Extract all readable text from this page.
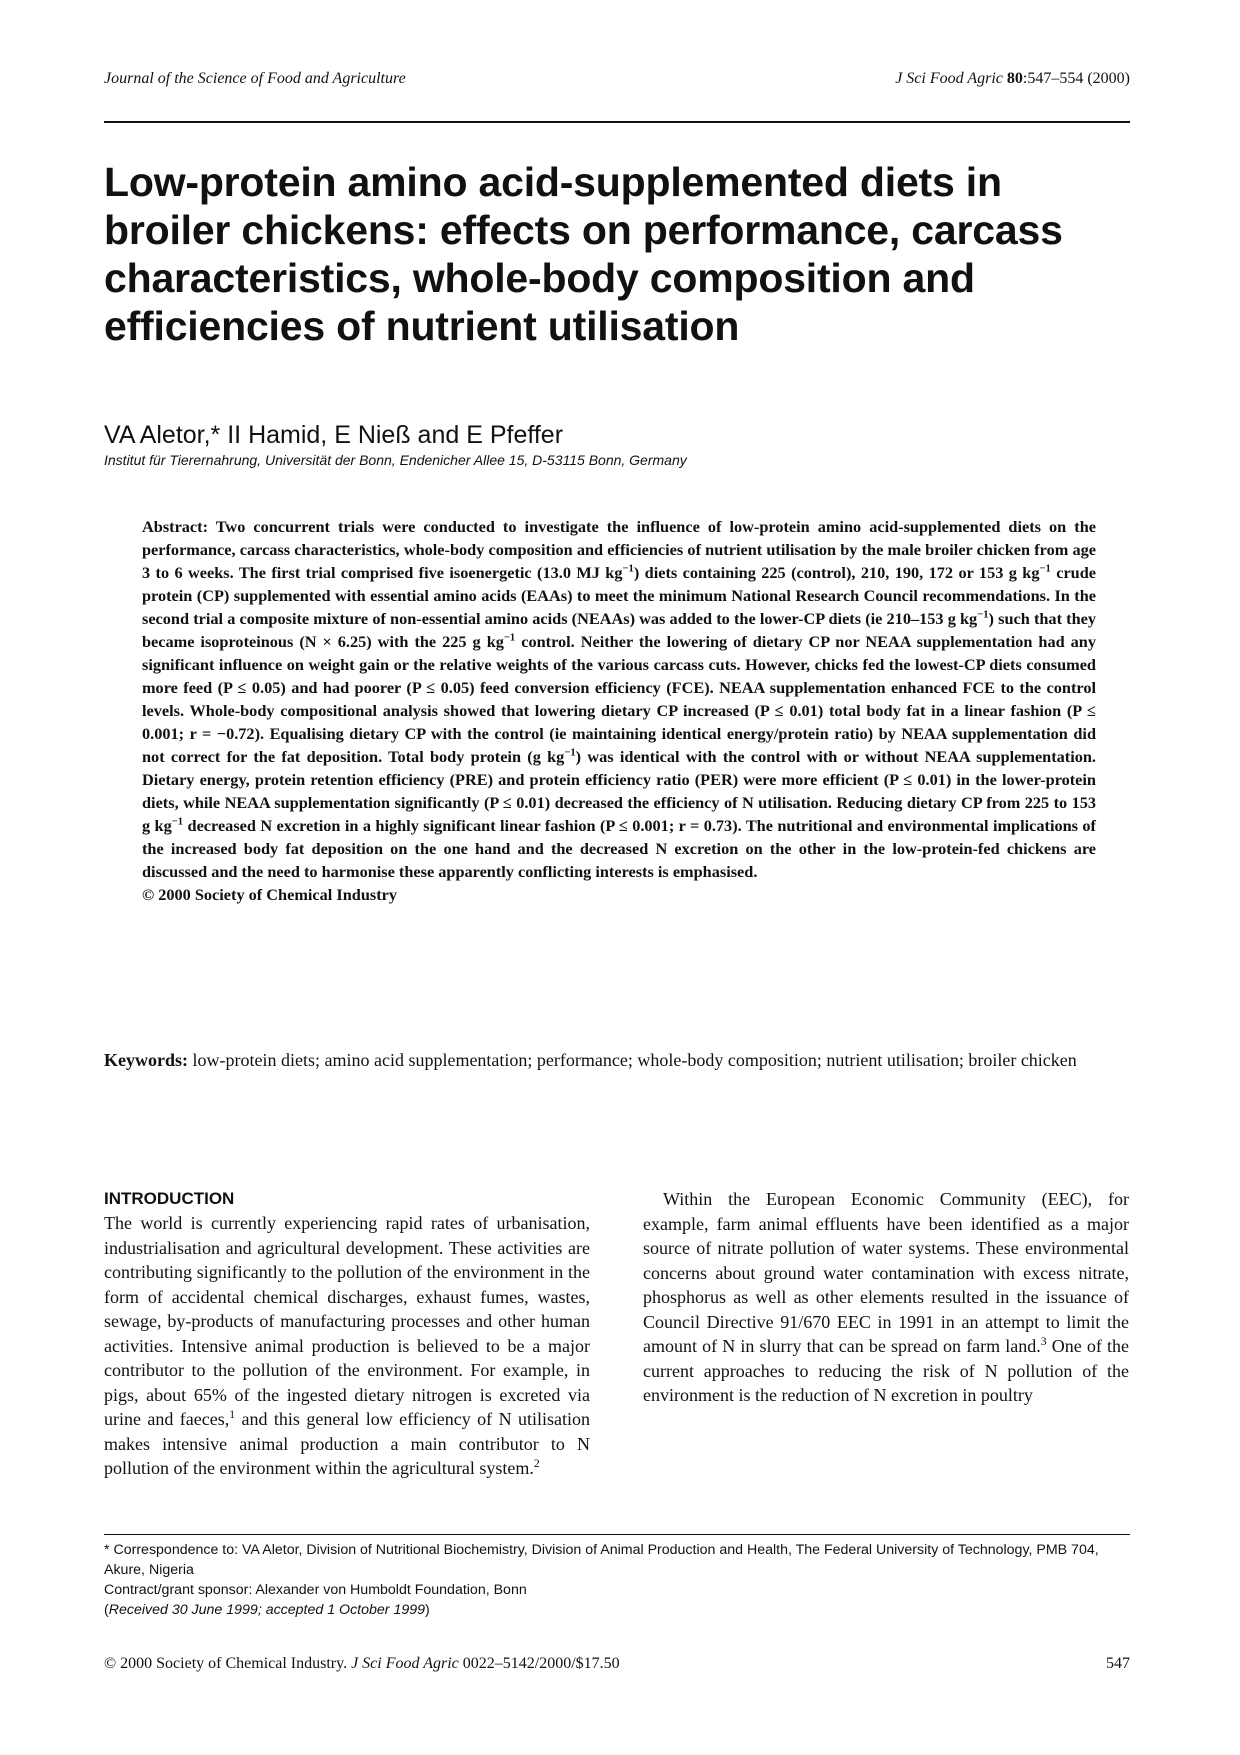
Journal of the Science of Food and Agriculture	J Sci Food Agric 80:547–554 (2000)
Low-protein amino acid-supplemented diets in broiler chickens: effects on performance, carcass characteristics, whole-body composition and efficiencies of nutrient utilisation

VA Aletor,* II Hamid, E Nieß and E Pfeffer

Institut für Tierernahrung, Universität der Bonn, Endenicher Allee 15, D-53115 Bonn, Germany

Abstract: Two concurrent trials were conducted to investigate the influence of low-protein amino acid-supplemented diets on the performance, carcass characteristics, whole-body composition and efficiencies of nutrient utilisation by the male broiler chicken from age 3 to 6 weeks. The first trial comprised five isoenergetic (13.0 MJ $kg^{-1}$) diets containing 225 (control), 210, 190, 172 or 153 g $kg^{-1}$ crude protein (CP) supplemented with essential amino acids (EAAs) to meet the minimum National Research Council recommendations. In the second trial a composite mixture of non-essential amino acids (NEAAs) was added to the lower-CP diets (ie 210–153 g $kg^{-1}$) such that they became isoproteinous (N × 6.25) with the 225 g $kg^{-1}$ control. Neither the lowering of dietary CP nor NEAA supplementation had any significant influence on weight gain or the relative weights of the various carcass cuts. However, chicks fed the lowest-CP diets consumed more feed (P ≤ 0.05) and had poorer (P ≤ 0.05) feed conversion efficiency (FCE). NEAA supplementation enhanced FCE to the control levels. Whole-body compositional analysis showed that lowering dietary CP increased (P ≤ 0.01) total body fat in a linear fashion (P ≤ 0.001; r = −0.72). Equalising dietary CP with the control (ie maintaining identical energy/protein ratio) by NEAA supplementation did not correct for the fat deposition. Total body protein (g $kg^{-1}$) was identical with the control with or without NEAA supplementation. Dietary energy, protein retention efficiency (PRE) and protein efficiency ratio (PER) were more efficient (P ≤ 0.01) in the lower-protein diets, while NEAA supplementation significantly (P ≤ 0.01) decreased the efficiency of N utilisation. Reducing dietary CP from 225 to 153 g $kg^{-1}$ decreased N excretion in a highly significant linear fashion (P ≤ 0.001; r = 0.73). The nutritional and environmental implications of the increased body fat deposition on the one hand and the decreased N excretion on the other in the low-protein-fed chickens are discussed and the need to harmonise these apparently conflicting interests is emphasised.
© 2000 Society of Chemical Industry

Keywords: low-protein diets; amino acid supplementation; performance; whole-body composition; nutrient utilisation; broiler chicken

INTRODUCTION

The world is currently experiencing rapid rates of urbanisation, industrialisation and agricultural development. These activities are contributing significantly to the pollution of the environment in the form of accidental chemical discharges, exhaust fumes, wastes, sewage, by-products of manufacturing processes and other human activities. Intensive animal production is believed to be a major contributor to the pollution of the environment. For example, in pigs, about 65% of the ingested dietary nitrogen is excreted via urine and faeces,$^1$ and this general low efficiency of N utilisation makes intensive animal production a main contributor to N pollution of the environment within the agricultural system.$^2$

Within the European Economic Community (EEC), for example, farm animal effluents have been identified as a major source of nitrate pollution of water systems. These environmental concerns about ground water contamination with excess nitrate, phosphorus as well as other elements resulted in the issuance of Council Directive 91/670 EEC in 1991 in an attempt to limit the amount of N in slurry that can be spread on farm land.$^3$ One of the current approaches to reducing the risk of N pollution of the environment is the reduction of N excretion in poultry

* Correspondence to: VA Aletor, Division of Nutritional Biochemistry, Division of Animal Production and Health, The Federal University of Technology, PMB 704, Akure, Nigeria

Contract/grant sponsor: Alexander von Humboldt Foundation, Bonn

(Received 30 June 1999; accepted 1 October 1999)

© 2000 Society of Chemical Industry. J Sci Food Agric 0022–5142/2000/$17.50	547
